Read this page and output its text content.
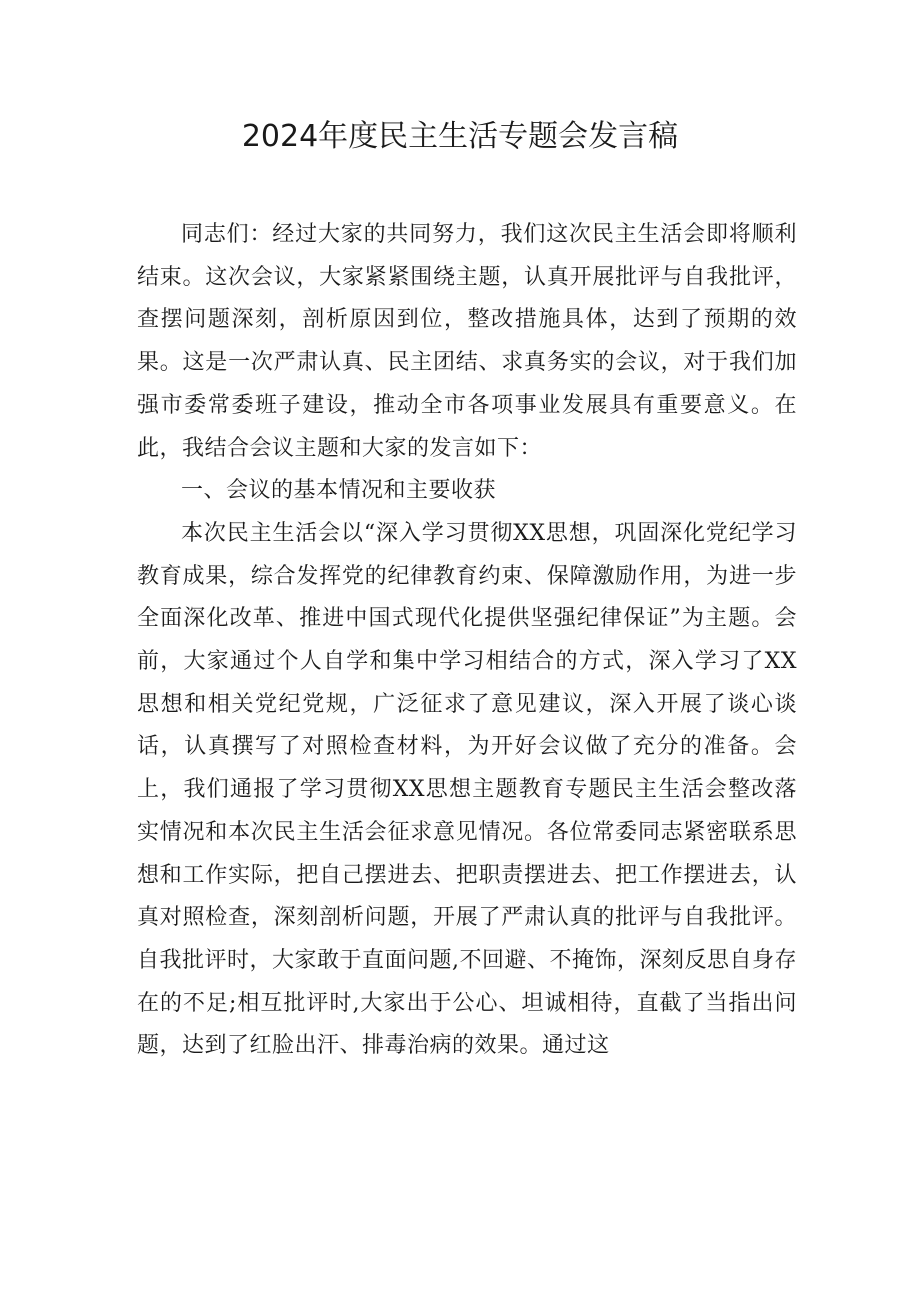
2024年度民主生活专题会发言稿

同志们：经过大家的共同努力，我们这次民主生活会即将顺利结束。这次会议，大家紧紧围绕主题，认真开展批评与自我批评，查摆问题深刻，剖析原因到位，整改措施具体，达到了预期的效果。这是一次严肃认真、民主团结、求真务实的会议，对于我们加强市委常委班子建设，推动全市各项事业发展具有重要意义。在此，我结合会议主题和大家的发言如下：

一、会议的基本情况和主要收获

本次民主生活会以“深入学习贯彻XX思想，巩固深化党纪学习教育成果，综合发挥党的纪律教育约束、保障激励作用，为进一步全面深化改革、推进中国式现代化提供坚强纪律保证”为主题。会前，大家通过个人自学和集中学习相结合的方式，深入学习了XX思想和相关党纪党规，广泛征求了意见建议，深入开展了谈心谈话，认真撰写了对照检查材料，为开好会议做了充分的准备。会上，我们通报了学习贯彻XX思想主题教育专题民主生活会整改落实情况和本次民主生活会征求意见情况。各位常委同志紧密联系思想和工作实际，把自己摆进去、把职责摆进去、把工作摆进去，认真对照检查，深刻剖析问题，开展了严肃认真的批评与自我批评。自我批评时，大家敢于直面问题,不回避、不掩饰，深刻反思自身存在的不足;相互批评时,大家出于公心、坦诚相待，直截了当指出问题，达到了红脸出汗、排毒治病的效果。通过这
